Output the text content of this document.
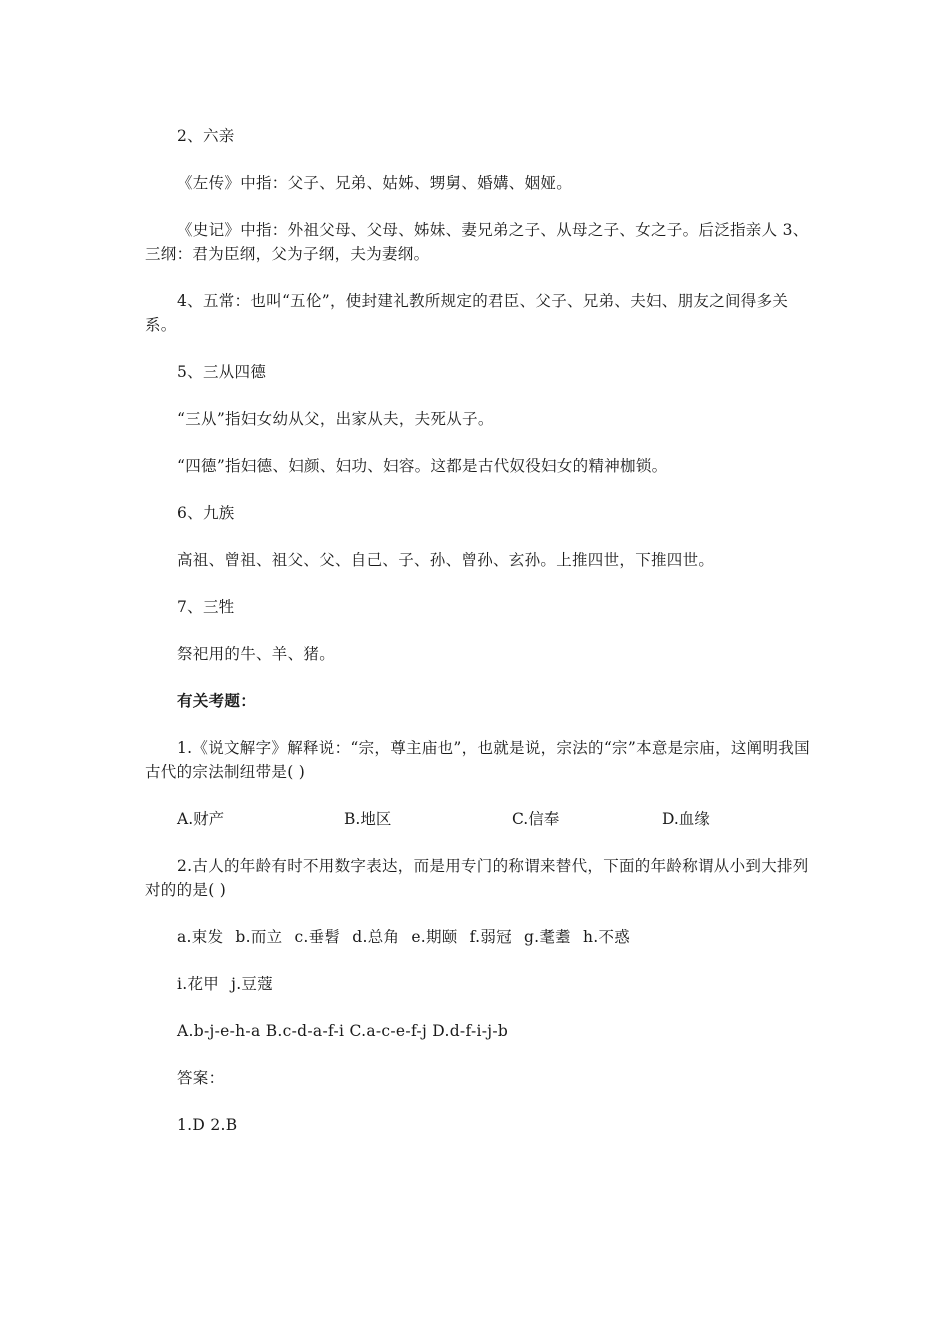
2、六亲

《左传》中指：父子、兄弟、姑姊、甥舅、婚媾、姻娅。

《史记》中指：外祖父母、父母、姊妹、妻兄弟之子、从母之子、女之子。后泛指亲人 3、三纲：君为臣纲，父为子纲，夫为妻纲。

4、五常：也叫“五伦”，使封建礼教所规定的君臣、父子、兄弟、夫妇、朋友之间得多关系。

5、三从四德

“三从”指妇女幼从父，出家从夫，夫死从子。

“四德”指妇德、妇颜、妇功、妇容。这都是古代奴役妇女的精神枷锁。

6、九族

高祖、曾祖、祖父、父、自己、子、孙、曾孙、玄孙。上推四世，下推四世。

7、三牲

祭祀用的牛、羊、猪。

有关考题：

1.《说文解字》解释说：“宗，尊主庙也”，也就是说，宗法的“宗”本意是宗庙，这阐明我国古代的宗法制纽带是( )

A.财产	B.地区	C.信奉	D.血缘

2.古人的年龄有时不用数字表达，而是用专门的称谓来替代，下面的年龄称谓从小到大排列对的的是( )

a.束发 b.而立 c.垂髫 d.总角 e.期颐 f.弱冠 g.耄耋 h.不惑
i.花甲 j.豆蔻

A.b-j-e-h-a B.c-d-a-f-i C.a-c-e-f-j D.d-f-i-j-b

答案：

1.D 2.B
